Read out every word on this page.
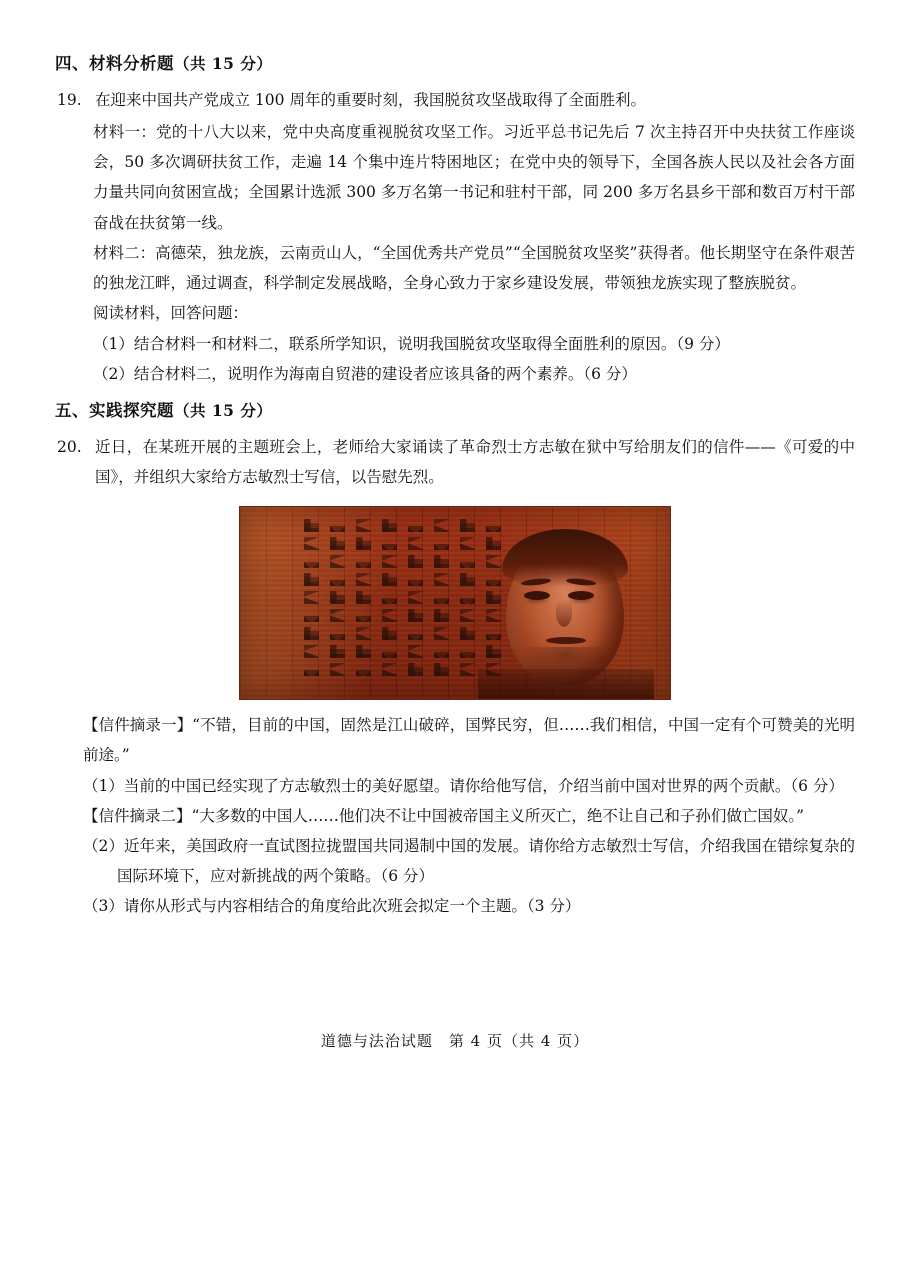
四、材料分析题（共 15 分）
19. 在迎来中国共产党成立 100 周年的重要时刻，我国脱贫攻坚战取得了全面胜利。

材料一：党的十八大以来，党中央高度重视脱贫攻坚工作。习近平总书记先后 7 次主持召开中央扶贫工作座谈会，50 多次调研扶贫工作，走遍 14 个集中连片特困地区；在党中央的领导下，全国各族人民以及社会各方面力量共同向贫困宣战；全国累计选派 300 多万名第一书记和驻村干部，同 200 多万名县乡干部和数百万村干部奋战在扶贫第一线。

材料二：高德荣，独龙族，云南贡山人，“全国优秀共产党员”“全国脱贫攻坚奖”获得者。他长期坚守在条件艰苦的独龙江畔，通过调查，科学制定发展战略，全身心致力于家乡建设发展，带领独龙族实现了整族脱贫。

阅读材料，回答问题：

（1）结合材料一和材料二，联系所学知识，说明我国脱贫攻坚取得全面胜利的原因。（9 分）

（2）结合材料二，说明作为海南自贸港的建设者应该具备的两个素养。（6 分）

五、实践探究题（共 15 分）
20. 近日，在某班开展的主题班会上，老师给大家诵读了革命烈士方志敏在狱中写给朋友们的信件——《可爱的中国》，并组织大家给方志敏烈士写信，以告慰先烈。

【信件摘录一】“不错，目前的中国，固然是江山破碎，国弊民穷，但……我们相信，中国一定有个可赞美的光明前途。”

（1）当前的中国已经实现了方志敏烈士的美好愿望。请你给他写信，介绍当前中国对世界的两个贡献。（6 分）

【信件摘录二】“大多数的中国人……他们决不让中国被帝国主义所灭亡，绝不让自己和子孙们做亡国奴。”

（2）近年来，美国政府一直试图拉拢盟国共同遏制中国的发展。请你给方志敏烈士写信，介绍我国在错综复杂的国际环境下，应对新挑战的两个策略。（6 分）

（3）请你从形式与内容相结合的角度给此次班会拟定一个主题。（3 分）

道德与法治试题　第 4 页（共 4 页）
